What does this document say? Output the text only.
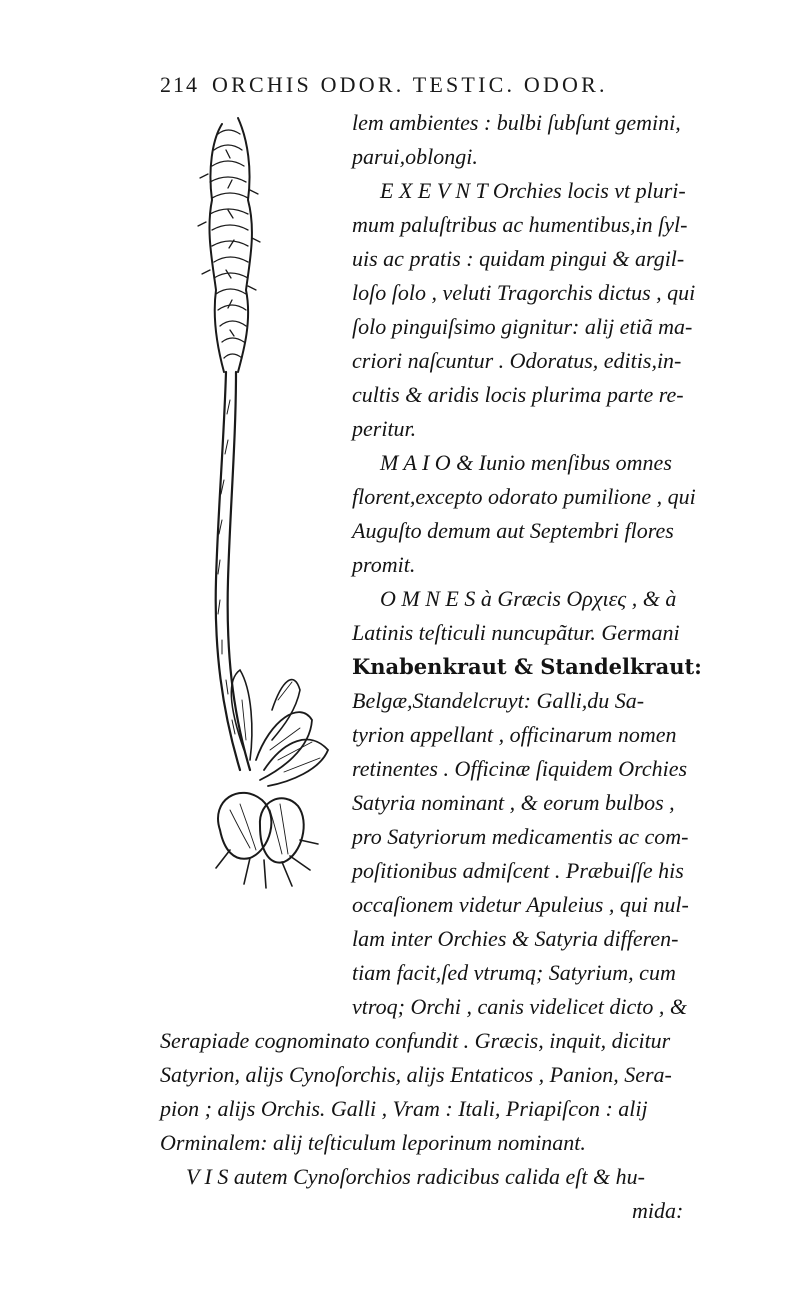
214 ORCHIS ODOR. TESTIC. ODOR.
lem ambientes : bulbi ſubſunt gemini,
parui,oblongi.
E X E V N T Orchies locis vt pluri-
mum paluſtribus ac humentibus,in ſyl-
uis ac pratis : quidam pingui & argil-
loſo ſolo , veluti Tragorchis dictus , qui
ſolo pinguiſsimo gignitur: alij etiã ma-
criori naſcuntur . Odoratus, editis,in-
cultis & aridis locis plurima parte re-
peritur.
M A I O & Iunio menſibus omnes
florent,excepto odorato pumilione , qui
Auguſto demum aut Septembri flores
promit.
O M N E S à Græcis Ορχιες , & à
Latinis teſticuli nuncupãtur. Germani
Knabenkraut & Standelkraut:
Belgæ,Standelcruyt: Galli,du Sa-
tyrion appellant , officinarum nomen
retinentes . Officinæ ſiquidem Orchies
Satyria nominant , & eorum bulbos ,
pro Satyriorum medicamentis ac com-
poſitionibus admiſcent . Præbuiſſe his
occaſionem videtur Apuleius , qui nul-
lam inter Orchies & Satyria differen-
tiam facit,ſed vtrumq; Satyrium, cum
vtroq; Orchi , canis videlicet dicto , &
Serapiade cognominato confundit . Græcis, inquit, dicitur
Satyrion, alijs Cynoſorchis, alijs Entaticos , Panion, Sera-
pion ; alijs Orchis. Galli , Vram : Itali, Priapiſcon : alij
Orminalem: alij teſticulum leporinum nominant.
V I S autem Cynoſorchios radicibus calida eſt & hu-
mida:
